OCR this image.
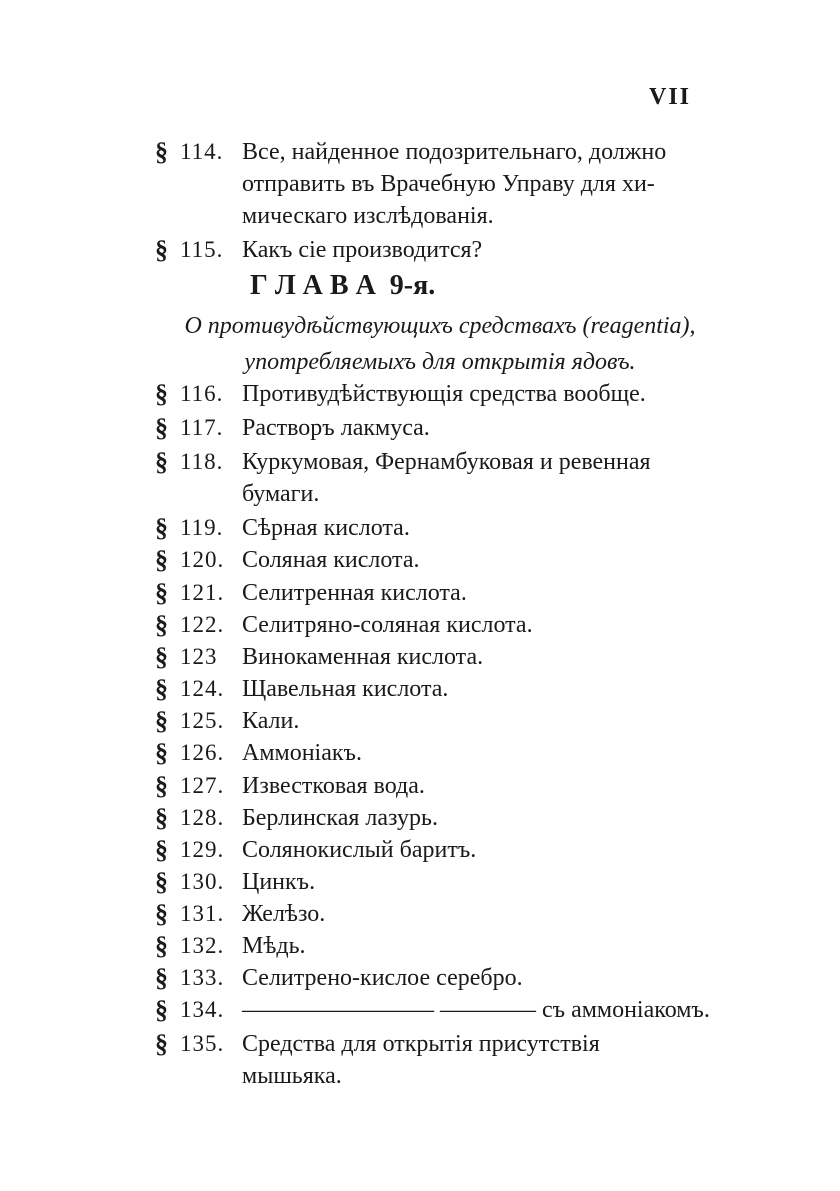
VII
§ 114. Все, найденное подозрительнаго, должно
отправить въ Врачебную Управу для хи-
мическаго изслѣдованія.
§ 115. Какъ сіе производится?
Г Л А В А  9-я.
О противудѣйствующихъ средствахъ (reagentia),
употребляемыхъ для открытія ядовъ.
§ 116. Противудѣйствующія средства вообще.
§ 117. Растворъ лакмуса.
§ 118. Куркумовая, Фернамбуковая и ревенная
бумаги.
§ 119. Сѣрная кислота.
§ 120. Соляная кислота.
§ 121. Селитренная кислота.
§ 122. Селитряно-соляная кислота.
§ 123 Винокаменная кислота.
§ 124. Щавельная кислота.
§ 125. Кали.
§ 126. Аммоніакъ.
§ 127. Известковая вода.
§ 128. Берлинская лазурь.
§ 129. Солянокислый баритъ.
§ 130. Цинкъ.
§ 131. Желѣзо.
§ 132. Мѣдь.
§ 133. Селитрено-кислое серебро.
§ 134. ———————— ———— съ аммоніакомъ.
§ 135. Средства для открытія присутствія
мышьяка.
